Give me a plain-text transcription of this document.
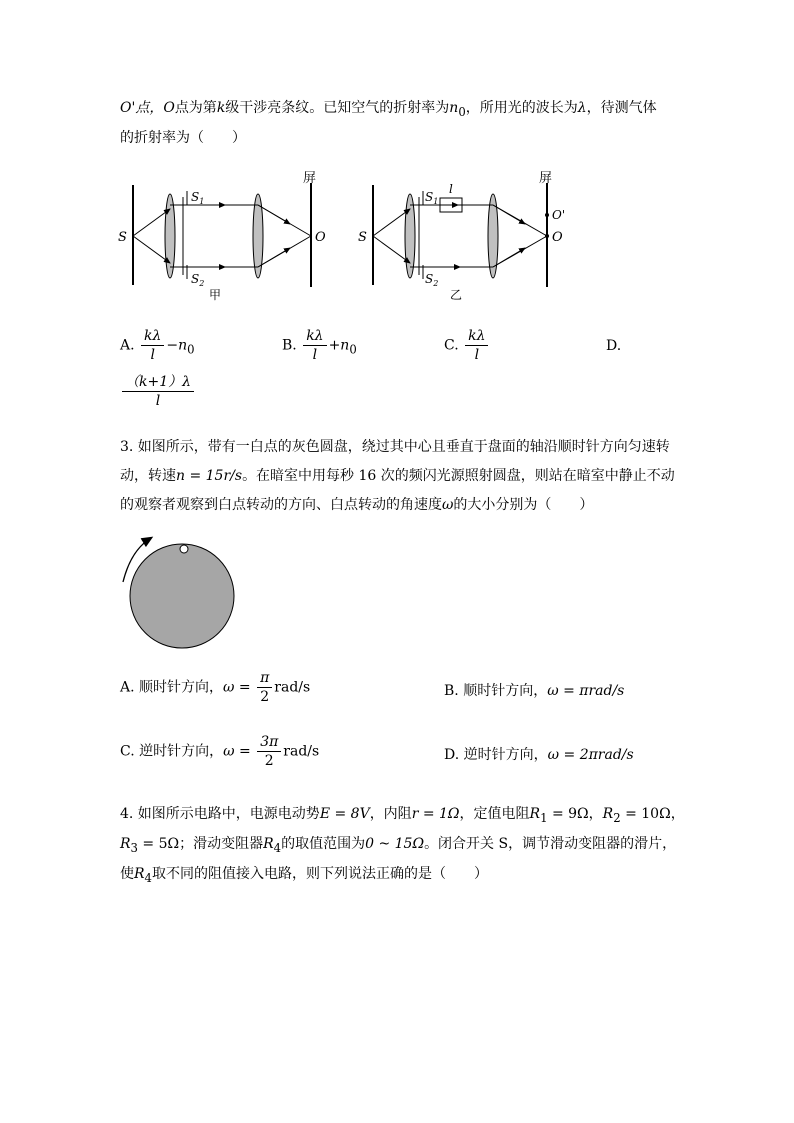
O'点，O点为第k级干涉亮条纹。已知空气的折射率为$n_0$，所用光的波长为λ，待测气体
的折射率为（　　）
屏
S
$S_1$
$S_2$
O
甲
屏
S
$S_1$
l
$S_2$
O'
O
乙
A. $\frac{k\lambda}{l} -n_0$	B. $\frac{k\lambda}{l} +n_0$	C. $\frac{k\lambda}{l}$	D.
$\frac{(k+1)\lambda}{l}$
3. 如图所示，带有一白点的灰色圆盘，绕过其中心且垂直于盘面的轴沿顺时针方向匀速转
动，转速n = 15r/s。在暗室中用每秒 16 次的频闪光源照射圆盘，则站在暗室中静止不动
的观察者观察到白点转动的方向、白点转动的角速度ω的大小分别为（　　）
A. 顺时针方向，$\omega = \frac{\pi}{2} rad/s$	B. 顺时针方向，ω = πrad/s
C. 逆时针方向，$\omega = \frac{3\pi}{2} rad/s$	D. 逆时针方向，ω = 2πrad/s
4. 如图所示电路中，电源电动势E = 8V，内阻r = 1Ω，定值电阻$R_1 = 9\Omega$，$R_2 = 10\Omega$，
$R_3 = 5\Omega$；滑动变阻器$R_4$的取值范围为0 ~ 15Ω。闭合开关 S，调节滑动变阻器的滑片，
使$R_4$取不同的阻值接入电路，则下列说法正确的是（　　）
